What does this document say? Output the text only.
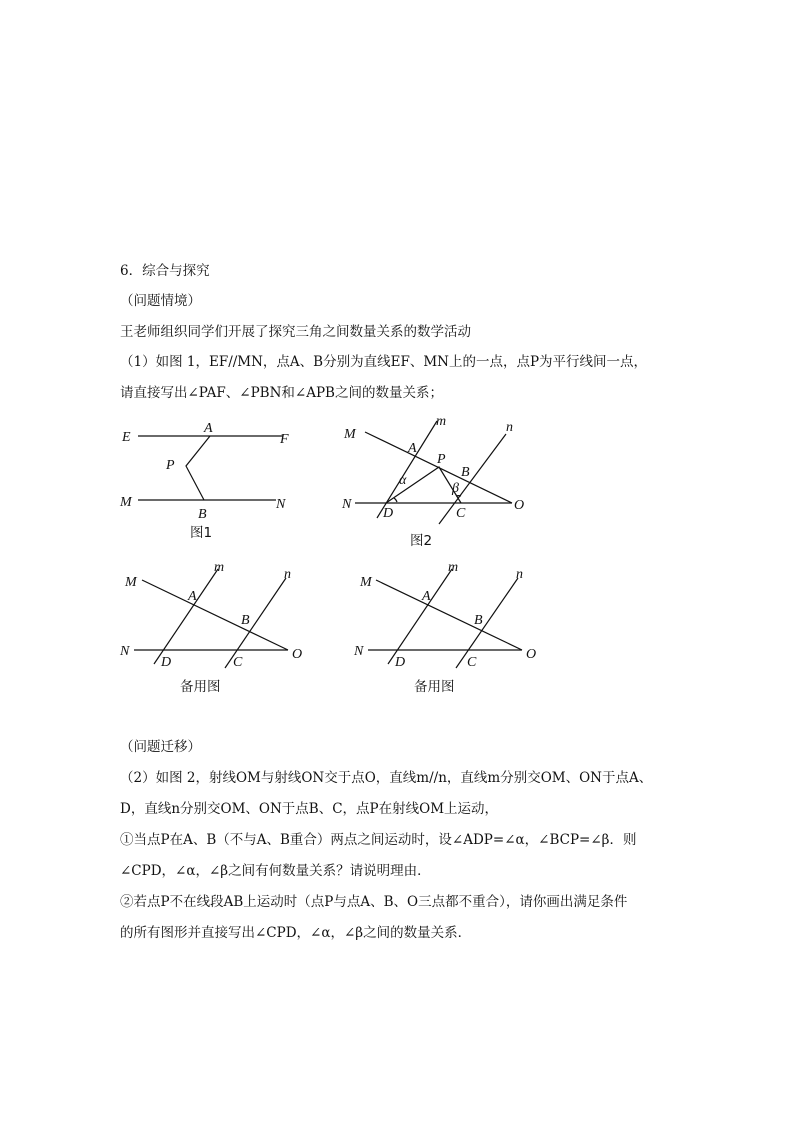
6．综合与探究
（问题情境）
王老师组织同学们开展了探究三角之间数量关系的数学活动
（1）如图 1，EF//MN，点A、B分别为直线EF、MN上的一点，点P为平行线间一点，
请直接写出∠PAF、∠PBN和∠APB之间的数量关系；
E
A
F
P
M
B
N
图1
M
m	n
A
P
B
α
β
N
D	C
O
图2
M
m	n
A
B
N
D	C
O
备用图
M
m	n
A
B
N
D	C
O
备用图
（问题迁移）
（2）如图 2，射线OM与射线ON交于点O，直线m//n，直线m分别交OM、ON于点A、
D，直线n分别交OM、ON于点B、C，点P在射线OM上运动，
①当点P在A、B（不与A、B重合）两点之间运动时，设∠ADP=∠α，∠BCP=∠β．则
∠CPD，∠α，∠β之间有何数量关系？请说明理由．
②若点P不在线段AB上运动时（点P与点A、B、O三点都不重合），请你画出满足条件
的所有图形并直接写出∠CPD，∠α，∠β之间的数量关系．
